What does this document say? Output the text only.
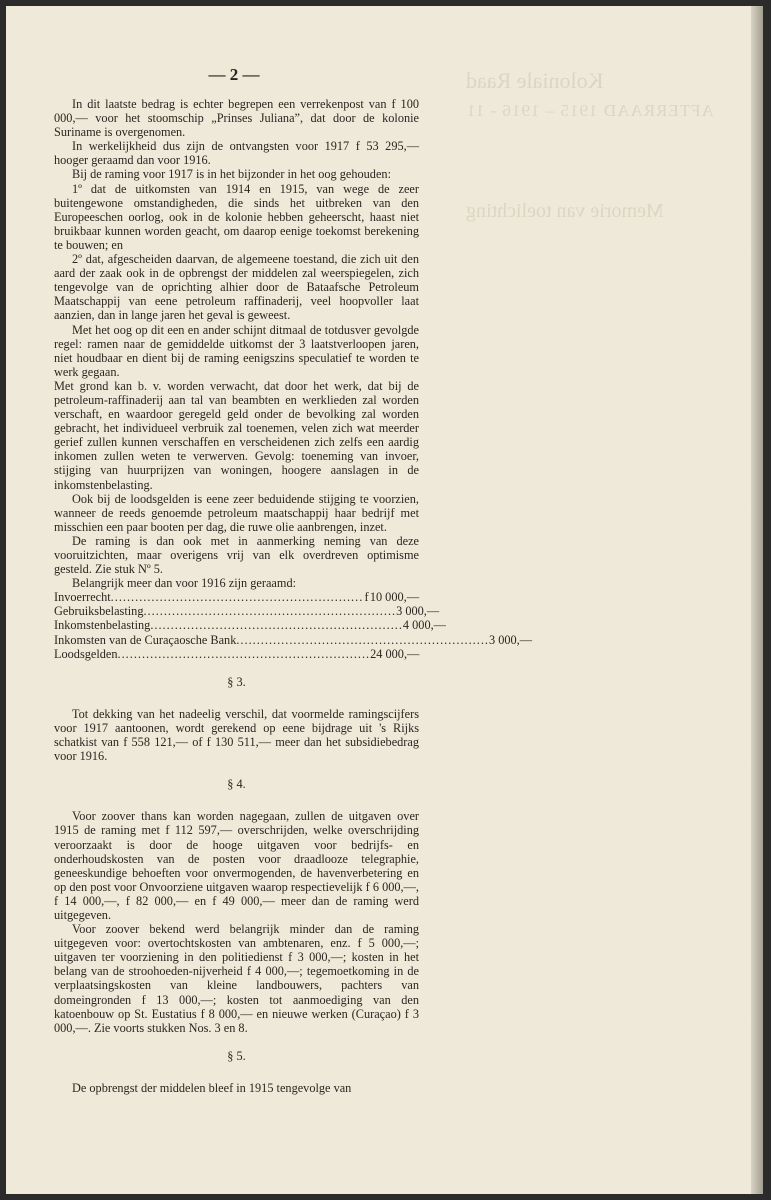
Koloniale Raad
AFTERRAAD 1915 – 1916 - 11
Memorie van toelichting
— 2 —

In dit laatste bedrag is echter begrepen een verrekenpost van f 100 000,— voor het stoomschip „Prinses Juliana”, dat door de kolonie Suriname is overgenomen.

In werkelijkheid dus zijn de ontvangsten voor 1917 f 53 295,— hooger geraamd dan voor 1916.

Bij de raming voor 1917 is in het bijzonder in het oog gehouden:

1º dat de uitkomsten van 1914 en 1915, van wege de zeer buitengewone omstandigheden, die sinds het uitbreken van den Europeeschen oorlog, ook in de kolonie hebben geheerscht, haast niet bruikbaar kunnen worden geacht, om daarop eenige toekomst berekening te bouwen; en

2º dat, afgescheiden daarvan, de algemeene toestand, die zich uit den aard der zaak ook in de opbrengst der middelen zal weerspiegelen, zich tengevolge van de oprichting alhier door de Bataafsche Petroleum Maatschappij van eene petroleum raffinaderij, veel hoopvoller laat aanzien, dan in lange jaren het geval is geweest.

Met het oog op dit een en ander schijnt ditmaal de totdusver gevolgde regel: ramen naar de gemiddelde uitkomst der 3 laatstverloopen jaren, niet houdbaar en dient bij de raming eenigszins speculatief te worden te werk gegaan.

Met grond kan b. v. worden verwacht, dat door het werk, dat bij de petroleum-raffinaderij aan tal van beambten en werklieden zal worden verschaft, en waardoor geregeld geld onder de bevolking zal worden gebracht, het individueel verbruik zal toenemen, velen zich wat meerder gerief zullen kunnen verschaffen en verscheidenen zich zelfs een aardig inkomen zullen weten te verwerven. Gevolg: toeneming van invoer, stijging van huurprijzen van woningen, hoogere aanslagen in de inkomstenbelasting.

Ook bij de loodsgelden is eene zeer beduidende stijging te voorzien, wanneer de reeds genoemde petroleum maatschappij haar bedrijf met misschien een paar booten per dag, die ruwe olie aanbrengen, inzet.

De raming is dan ook met in aanmerking neming van deze vooruitzichten, maar overigens vrij van elk overdreven optimisme gesteld. Zie stuk Nº 5.

Belangrijk meer dan voor 1916 zijn geraamd:

Invoerrecht .............................................................. f 10 000,—
Gebruiksbelasting .............................................................. 3 000,—
Inkomstenbelasting .............................................................. 4 000,—
Inkomsten van de Curaçaosche Bank .............................................................. 3 000,—
Loodsgelden .............................................................. 24 000,—
§ 3.

Tot dekking van het nadeelig verschil, dat voormelde ramingscijfers voor 1917 aantoonen, wordt gerekend op eene bijdrage uit 's Rijks schatkist van f 558 121,— of f 130 511,— meer dan het subsidiebedrag voor 1916.

§ 4.

Voor zoover thans kan worden nagegaan, zullen de uitgaven over 1915 de raming met f 112 597,— overschrijden, welke overschrijding veroorzaakt is door de hooge uitgaven voor bedrijfs- en onderhoudskosten van de posten voor draadlooze telegraphie, geneeskundige behoeften voor onvermogenden, de havenverbetering en op den post voor Onvoorziene uitgaven waarop respectievelijk f 6 000,—, f 14 000,—, f 82 000,— en f 49 000,— meer dan de raming werd uitgegeven.

Voor zoover bekend werd belangrijk minder dan de raming uitgegeven voor: overtochtskosten van ambtenaren, enz. f 5 000,—; uitgaven ter voorziening in den politiedienst f 3 000,—; kosten in het belang van de stroohoeden-nijverheid f 4 000,—; tegemoetkoming in de verplaatsingskosten van kleine landbouwers, pachters van domeingronden f 13 000,—; kosten tot aanmoediging van den katoenbouw op St. Eustatius f 8 000,— en nieuwe werken (Curaçao) f 3 000,—. Zie voorts stukken Nos. 3 en 8.

§ 5.

De opbrengst der middelen bleef in 1915 tengevolge van
